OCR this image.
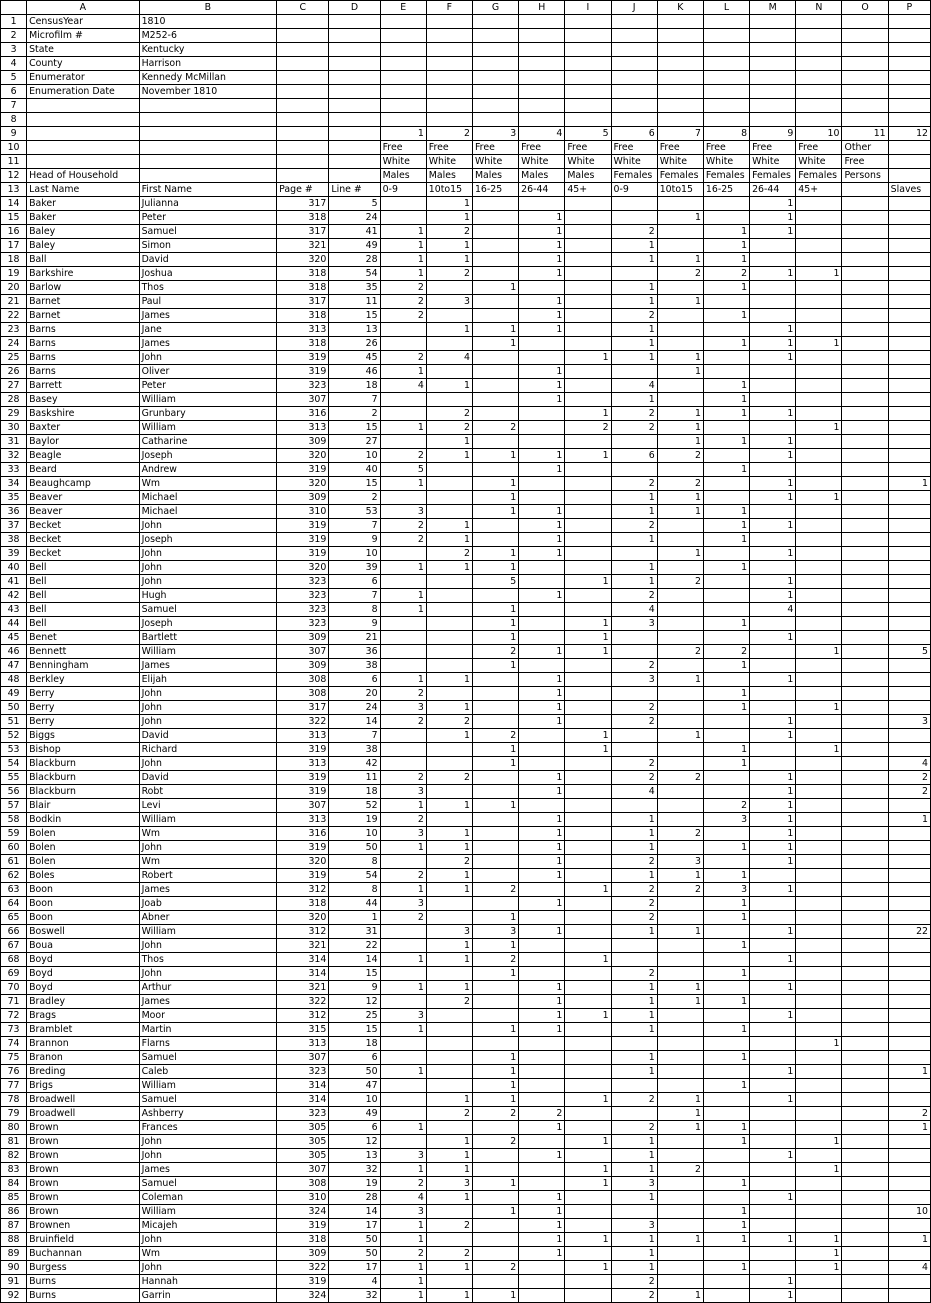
	A	B	C	D	E	F	G	H	I	J	K	L	M	N	O	P
1	CensusYear	1810														
2	Microfilm #	M252-6														
3	State	Kentucky														
4	County	Harrison														
5	Enumerator	Kennedy McMillan														
6	Enumeration Date	November 1810														
7																
8																
9					1	2	3	4	5	6	7	8	9	10	11	12
10					Free	Free	Free	Free	Free	Free	Free	Free	Free	Free	Other	
11					White	White	White	White	White	White	White	White	White	White	Free	
12	Head of Household				Males	Males	Males	Males	Males	Females	Females	Females	Females	Females	Persons	
13	Last Name	First Name	Page #	Line #	0-9	10to15	16-25	26-44	45+	0-9	10to15	16-25	26-44	45+		Slaves
14	Baker	Julianna	317	5		1							1			
15	Baker	Peter	318	24		1		1			1		1			
16	Baley	Samuel	317	41	1	2		1		2		1	1			
17	Baley	Simon	321	49	1	1		1		1		1				
18	Ball	David	320	28	1	1		1		1	1	1				
19	Barkshire	Joshua	318	54	1	2		1			2	2	1	1		
20	Barlow	Thos	318	35	2		1			1		1				
21	Barnet	Paul	317	11	2	3		1		1	1					
22	Barnet	James	318	15	2			1		2		1				
23	Barns	Jane	313	13		1	1	1		1			1			
24	Barns	James	318	26			1			1		1	1	1		
25	Barns	John	319	45	2	4			1	1	1		1			
26	Barns	Oliver	319	46	1			1			1					
27	Barrett	Peter	323	18	4	1		1		4		1				
28	Basey	William	307	7				1		1		1				
29	Baskshire	Grunbary	316	2		2			1	2	1	1	1			
30	Baxter	William	313	15	1	2	2		2	2	1			1		
31	Baylor	Catharine	309	27		1					1	1	1			
32	Beagle	Joseph	320	10	2	1	1	1	1	6	2		1			
33	Beard	Andrew	319	40	5			1				1				
34	Beaughcamp	Wm	320	15	1		1			2	2		1			1
35	Beaver	Michael	309	2			1			1	1		1	1		
36	Beaver	Michael	310	53	3		1	1		1	1	1				
37	Becket	John	319	7	2	1		1		2		1	1			
38	Becket	Joseph	319	9	2	1		1		1		1				
39	Becket	John	319	10		2	1	1			1		1			
40	Bell	John	320	39	1	1	1			1		1				
41	Bell	John	323	6			5		1	1	2		1			
42	Bell	Hugh	323	7	1			1		2			1			
43	Bell	Samuel	323	8	1		1			4			4			
44	Bell	Joseph	323	9			1		1	3		1				
45	Benet	Bartlett	309	21			1		1				1			
46	Bennett	William	307	36			2	1	1		2	2		1		5
47	Benningham	James	309	38			1			2		1				
48	Berkley	Elijah	308	6	1	1		1		3	1		1			
49	Berry	John	308	20	2			1				1				
50	Berry	John	317	24	3	1		1		2		1		1		
51	Berry	John	322	14	2	2		1		2			1			3
52	Biggs	David	313	7		1	2		1		1		1			
53	Bishop	Richard	319	38			1		1			1		1		
54	Blackburn	John	313	42			1			2		1				4
55	Blackburn	David	319	11	2	2		1		2	2		1			2
56	Blackburn	Robt	319	18	3			1		4			1			2
57	Blair	Levi	307	52	1	1	1					2	1			
58	Bodkin	William	313	19	2			1		1		3	1			1
59	Bolen	Wm	316	10	3	1		1		1	2		1			
60	Bolen	John	319	50	1	1		1		1		1	1			
61	Bolen	Wm	320	8		2		1		2	3		1			
62	Boles	Robert	319	54	2	1		1		1	1	1				
63	Boon	James	312	8	1	1	2		1	2	2	3	1			
64	Boon	Joab	318	44	3			1		2		1				
65	Boon	Abner	320	1	2		1			2		1				
66	Boswell	William	312	31		3	3	1		1	1		1			22
67	Boua	John	321	22		1	1					1				
68	Boyd	Thos	314	14	1	1	2		1				1			
69	Boyd	John	314	15			1			2		1				
70	Boyd	Arthur	321	9	1	1		1		1	1		1			
71	Bradley	James	322	12		2		1		1	1	1				
72	Brags	Moor	312	25	3			1	1	1			1			
73	Bramblet	Martin	315	15	1		1	1		1		1				
74	Brannon	Flarns	313	18										1		
75	Branon	Samuel	307	6			1			1		1				
76	Breding	Caleb	323	50	1		1			1			1			1
77	Brigs	William	314	47			1					1				
78	Broadwell	Samuel	314	10		1	1		1	2	1		1			
79	Broadwell	Ashberry	323	49		2	2	2			1					2
80	Brown	Frances	305	6	1			1		2	1	1				1
81	Brown	John	305	12		1	2		1	1		1		1		
82	Brown	John	305	13	3	1		1		1			1			
83	Brown	James	307	32	1	1			1	1	2			1		
84	Brown	Samuel	308	19	2	3	1		1	3		1				
85	Brown	Coleman	310	28	4	1		1		1			1			
86	Brown	William	324	14	3		1	1				1				10
87	Brownen	Micajeh	319	17	1	2		1		3		1				
88	Bruinfield	John	318	50	1			1	1	1	1	1	1	1		1
89	Buchannan	Wm	309	50	2	2		1		1				1		
90	Burgess	John	322	17	1	1	2		1	1		1		1		4
91	Burns	Hannah	319	4	1					2			1			
92	Burns	Garrin	324	32	1	1	1			2	1		1			
